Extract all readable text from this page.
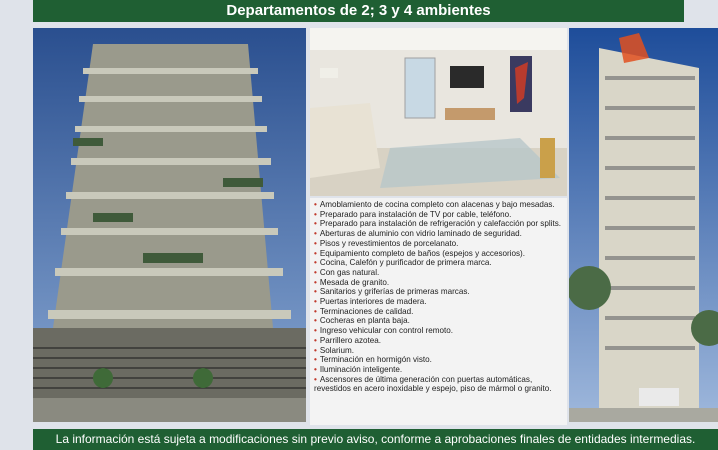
Departamentos de 2; 3 y 4 ambientes
• Amoblamiento de cocina completo con alacenas y bajo mesadas.
• Preparado para instalación de TV por cable, teléfono.
• Preparado para instalación de refrigeración y calefacción por splits.
• Aberturas de aluminio con vidrio laminado de seguridad.
• Pisos y revestimientos de porcelanato.
• Equipamiento completo de baños (espejos y accesorios).
• Cocina, Calefón y purificador de primera marca.
• Con gas natural.
• Mesada de granito.
• Sanitarios y griferías de primeras marcas.
• Puertas interiores de madera.
• Terminaciones de calidad.
• Cocheras en planta baja.
• Ingreso vehicular con control remoto.
• Parrillero azotea.
• Solarium.
• Terminación en hormigón visto.
• Iluminación inteligente.
• Ascensores de última generación con puertas automáticas,
revestidos en acero inoxidable y espejo, piso de mármol o granito.
La información está sujeta a modificaciones sin previo aviso, conforme a aprobaciones finales de entidades intermedias.
